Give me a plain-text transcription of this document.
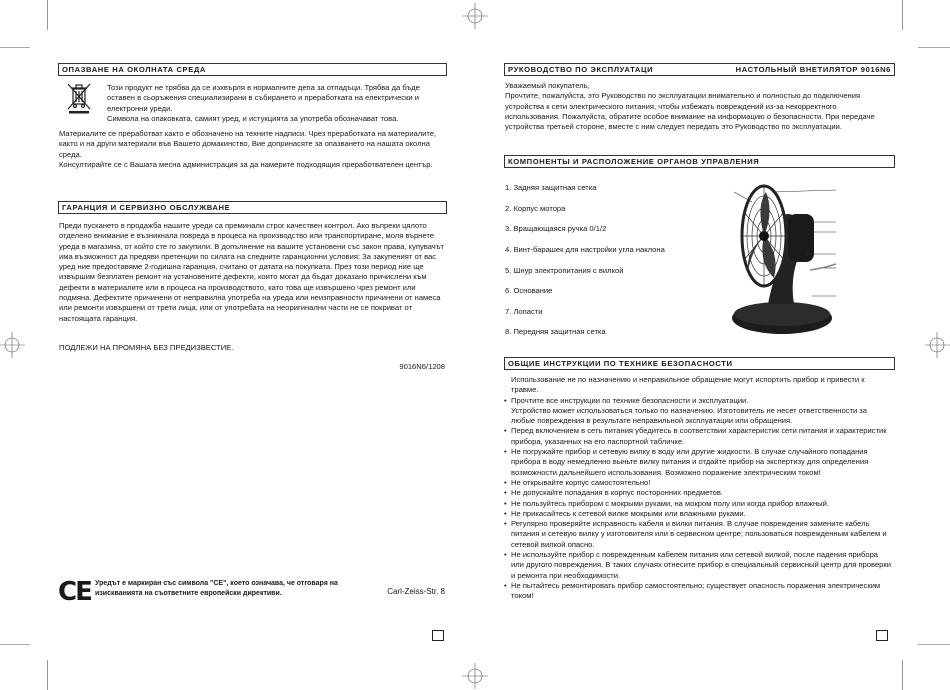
ОПАЗВАНЕ НА ОКОЛНАТА СРЕДА

Този продукт не трябва да се изхвърля в нормалните депа за отпадъци. Трябва да бъде оставен в сьоръжения специализирани в събирането и преработката на електрически и електронни уреди.
Символа на опаковката, самият уред, и истукцията за употреба обозначават това.

Материалите се преработват както е обозначено на техните надписи. Чрез преработката на материалите, както и на други материали във Вашето домакинство, Вие допринасяте за опазването на нашата околна среда.
Консултирайте се с Вашата месна администрация за да намерите подходящия преработвателен център.

ГАРАНЦИЯ И СЕРВИЗНО ОБСЛУЖВАНЕ

Преди пускането в продажба нашите уреди са преминали строг качествен контрол. Ако въпреки цялото отделено внимание е възникнала повреда в процеса на производство или транспортиране, моля върнете уреда в магазина, от който сте го закупили. В допълнение на вашите установени със закон права, купувачът има възможност да предяви претенции по силата на следните гаранционни условия: За закупеният от вас уред ние предоставяме 2-годишна гаранция, считано от датата на покупката. През този период ние ще извършим безплатен ремонт на установените дефекти, които могат да бъдат доказано причислени към дефекти в материалите или в процеса на производството, като това ще извършено чрез ремонт или подмяна. Дефектите причинени от неправилна употреба на уреда или неизправности причинени от намеса или ремонти извършени от трети лица, или от употребата на неоригинални части не се покриват от настоящата гаранция.

ПОДЛЕЖИ НА ПРОМЯНА БЕЗ ПРЕДИЗВЕСТИЕ.

9016N6/1208

CE Уредът е маркиран със символа "CE", което означава, че отговаря на изискванията на съответните европейски директиви.	Carl-Zeiss-Str. 8

РУКОВОДСТВО ПО ЭКСПЛУАТАЦИ	НАСТОЛЬНЫЙ ВНЕТИЛЯТОР 9016N6

Уважаемый покупатель,
Прочтите, пожалуйста, это Руководство по эксплуатации внимательно и полностью до подключения устройства к сети электрического питания, чтобы избежать повреждений из-за некорректного использования. Пожалуйста, обратите особое внимание на информацию о безопасности. При передаче устройства третьей стороне, вместе с ним следует передать это Руководство по эксплуатации.

КОМПОНЕНТЫ И РАСПОЛОЖЕНИЕ ОРГАНОВ УПРАВЛЕНИЯ

1. Задняя защитная сетка

2. Корпус мотора

3. Вращающаяся ручка 0/1/2

4. Винт-барашек для настройки угла наклона

5. Шнур электропитания с вилкой

6. Основание

7. Лопасти

8. Передняя защитная сетка

ОБЩИЕ ИНСТРУКЦИИ ПО ТЕХНИКЕ БЕЗОПАСНОСТИ
Использование не по назначению и неправильное обращение могут испортить прибор и привести к травме.
• Прочтите все инструкции по технике безопасности и эксплуатации.
Устройство может использоваться только по назначению. Изготовитель не несет ответственности за любые повреждения в результате неправильной эксплуатации или обращения.
• Перед включением в сеть питания убедитесь в соответствии характеристик сети питания и характеристик прибора, указанных на его паспортной табличке.
• Не погружайте прибор и сетевую вилку в воду или другие жидкости. В случае случайного попадания прибора в воду немедленно выньте вилку питания и отдайте прибор на экспертизу для определения возможности дальнейшего использования. Возможно поражение электрическим током!
• Не открывайте корпус самостоятельно!
• Не допускайте попадания в корпус посторонних предметов.
• Не пользуйтесь прибором с мокрыми руками, на мокром полу или когда прибор влажный.
• Не прикасайтесь к сетевой вилке мокрыми или влажными руками.
• Регулярно проверяйте исправность кабеля и вилки питания. В случае повреждения замените кабель питания и сетевую вилку у изготовителя или в сервисном центре; пользоваться поврежденным кабелем и сетевой вилкой опасно.
• Не используйте прибор с поврежденным кабелем питания или сетевой вилкой, после падения прибора или другого повреждения. В таких случаях отнесите прибор в специальный сервисный центр для проверки и ремонта при необходимости.
• Не пытайтесь ремонтировать прибор самостоятельно; существует опасность поражения электрическим током!
